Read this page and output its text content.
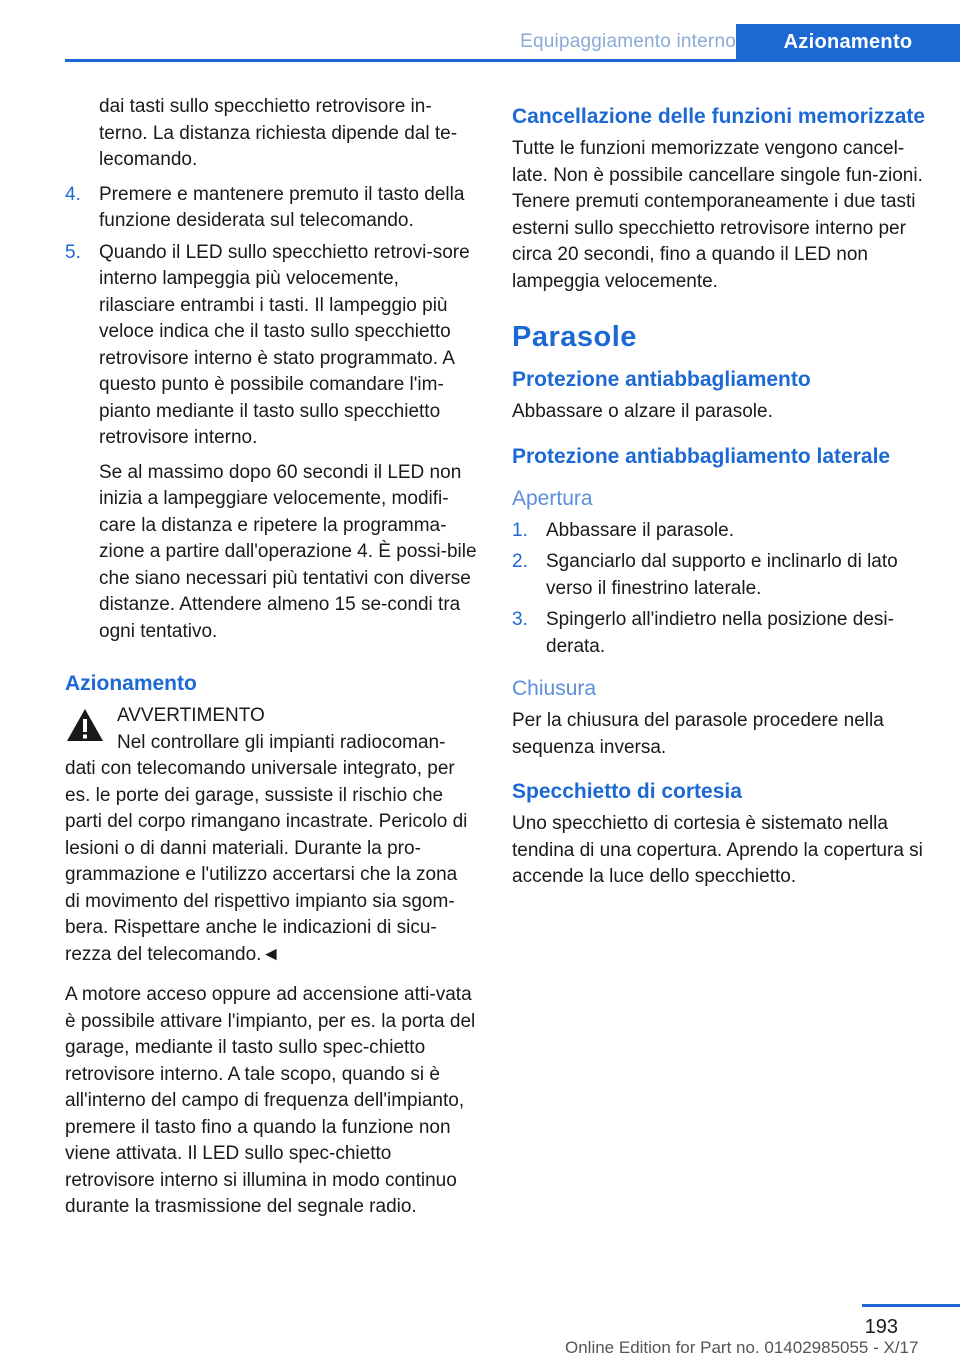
Equipaggiamento interno	Azionamento

dai tasti sullo specchietto retrovisore in‐terno. La distanza richiesta dipende dal te‐lecomando.

4. Premere e mantenere premuto il tasto della funzione desiderata sul telecomando.
5. Quando il LED sullo specchietto retrovi‐sore interno lampeggia più velocemente, rilasciare entrambi i tasti. Il lampeggio più veloce indica che il tasto sullo specchietto retrovisore interno è stato programmato. A questo punto è possibile comandare l'im‐pianto mediante il tasto sullo specchietto retrovisore interno.

Se al massimo dopo 60 secondi il LED non inizia a lampeggiare velocemente, modifi‐care la distanza e ripetere la programma‐zione a partire dall'operazione 4. È possi‐bile che siano necessari più tentativi con diverse distanze. Attendere almeno 15 se‐condi tra ogni tentativo.

Azionamento
AVVERTIMENTO
Nel controllare gli impianti radiocoman‐

dati con telecomando universale integrato, per es. le porte dei garage, sussiste il rischio che parti del corpo rimangano incastrate. Pericolo di lesioni o di danni materiali. Durante la pro‐grammazione e l'utilizzo accertarsi che la zona di movimento del rispettivo impianto sia sgom‐bera. Rispettare anche le indicazioni di sicu‐rezza del telecomando.◄

A motore acceso oppure ad accensione atti‐vata è possibile attivare l'impianto, per es. la porta del garage, mediante il tasto sullo spec‐chietto retrovisore interno. A tale scopo, quando si è all'interno del campo di frequenza dell'impianto, premere il tasto fino a quando la funzione non viene attivata. Il LED sullo spec‐chietto retrovisore interno si illumina in modo continuo durante la trasmissione del segnale radio.

Cancellazione delle funzioni memorizzate

Tutte le funzioni memorizzate vengono cancel‐late. Non è possibile cancellare singole fun‐zioni. Tenere premuti contemporaneamente i due tasti esterni sullo specchietto retrovisore interno per circa 20 secondi, fino a quando il LED non lampeggia velocemente.

Parasole
Protezione antiabbagliamento

Abbassare o alzare il parasole.

Protezione antiabbagliamento laterale
Apertura
1. Abbassare il parasole.
2. Sganciarlo dal supporto e inclinarlo di lato verso il finestrino laterale.
3. Spingerlo all'indietro nella posizione desi‐derata.
Chiusura

Per la chiusura del parasole procedere nella sequenza inversa.

Specchietto di cortesia

Uno specchietto di cortesia è sistemato nella tendina di una copertura. Aprendo la copertura si accende la luce dello specchietto.

193
Online Edition for Part no. 01402985055 - X/17
